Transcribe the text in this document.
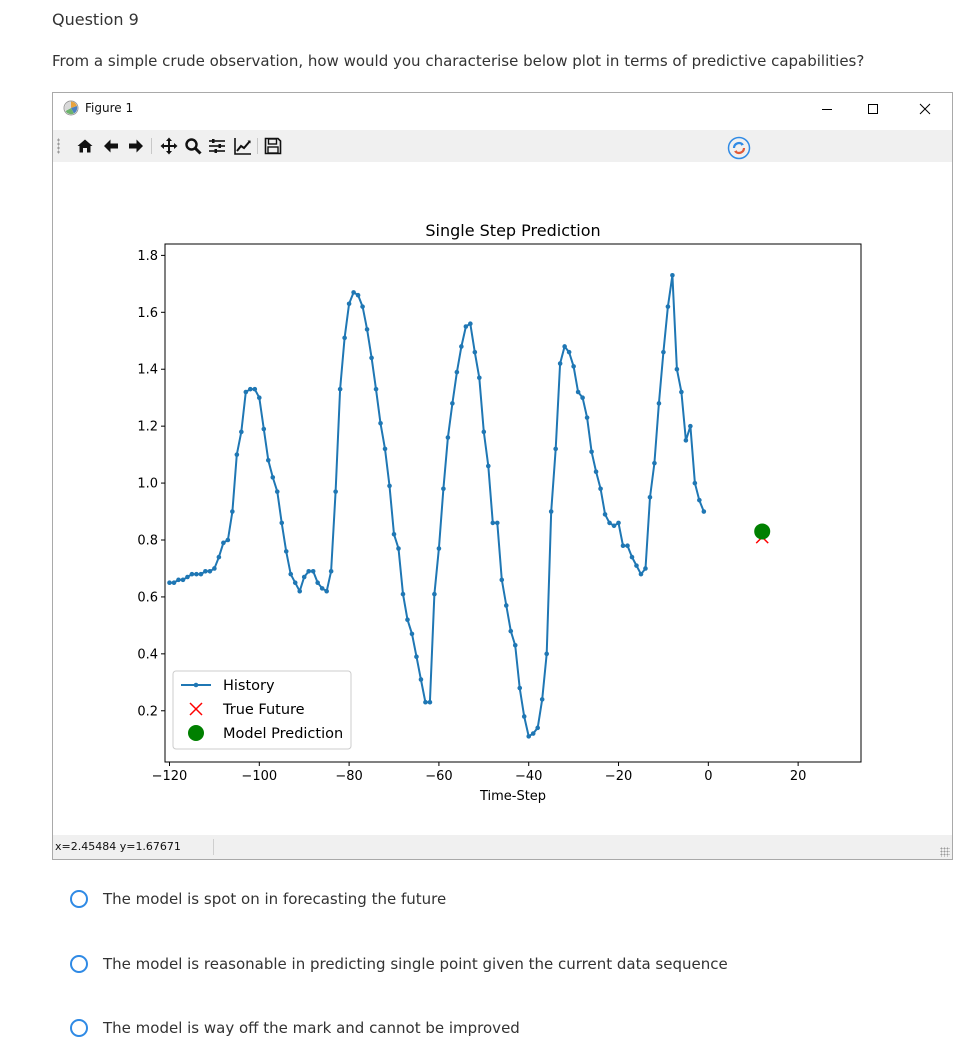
Question 9
From a simple crude observation, how would you characterise below plot in terms of predictive capabilities?
Figure 1
−120	−100	−80	−60	−40	−20	0	20
0.2
0.4
0.6
0.8
1.0
1.2
1.4
1.6
1.8
Single Step Prediction
Time-Step
History
True Future
Model Prediction
x=2.45484 y=1.67671
The model is spot on in forecasting the future
The model is reasonable in predicting single point given the current data sequence
The model is way off the mark and cannot be improved
